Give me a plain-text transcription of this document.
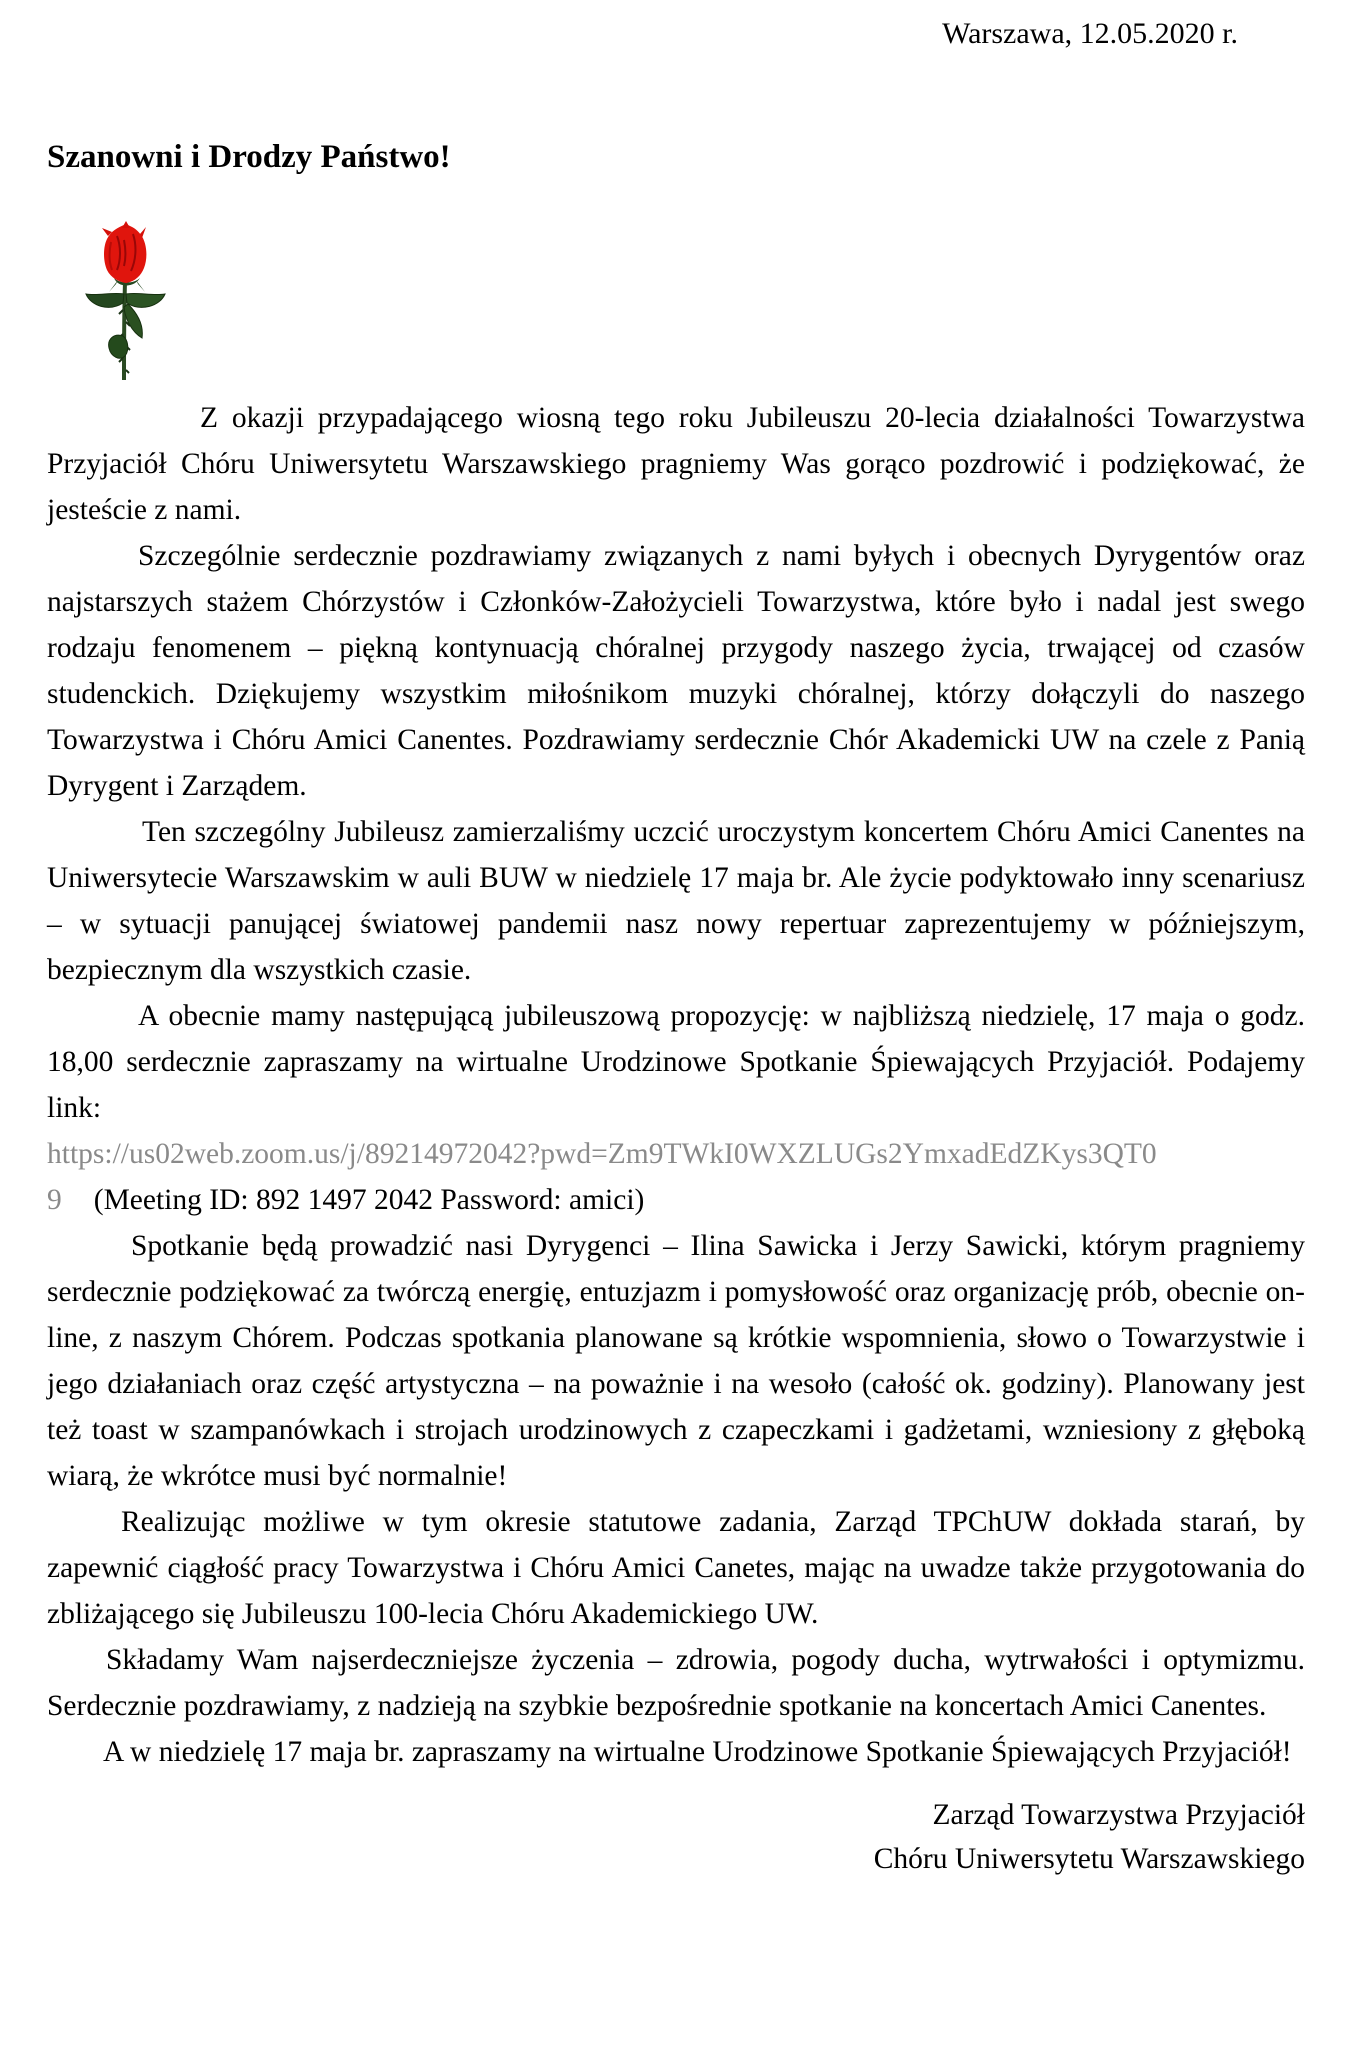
Warszawa, 12.05.2020 r.
Szanowni i Drodzy Państwo!

Z okazji przypadającego wiosną tego roku Jubileuszu 20-lecia działalności Towarzystwa Przyjaciół Chóru Uniwersytetu Warszawskiego pragniemy Was gorąco pozdrowić i podziękować, że jesteście z nami.

Szczególnie serdecznie pozdrawiamy związanych z nami byłych i obecnych Dyrygentów oraz najstarszych stażem Chórzystów i Członków-Założycieli Towarzystwa, które było i nadal jest swego rodzaju fenomenem – piękną kontynuacją chóralnej przygody naszego życia, trwającej od czasów studenckich. Dziękujemy wszystkim miłośnikom muzyki chóralnej, którzy dołączyli do naszego Towarzystwa i Chóru Amici Canentes. Pozdrawiamy serdecznie Chór Akademicki UW na czele z Panią Dyrygent i Zarządem.

Ten szczególny Jubileusz zamierzaliśmy uczcić uroczystym koncertem Chóru Amici Canentes na Uniwersytecie Warszawskim w auli BUW w niedzielę 17 maja br. Ale życie podyktowało inny scenariusz – w sytuacji panującej światowej pandemii nasz nowy repertuar zaprezentujemy w późniejszym, bezpiecznym dla wszystkich czasie.

A obecnie mamy następującą jubileuszową propozycję: w najbliższą niedzielę, 17 maja o godz. 18,00 serdecznie zapraszamy na wirtualne Urodzinowe Spotkanie Śpiewających Przyjaciół. Podajemy link:

https://us02web.zoom.us/j/89214972042?pwd=Zm9TWkI0WXZLUGs2YmxadEdZKys3QT0
9 (Meeting ID: 892 1497 2042 Password: amici)

Spotkanie będą prowadzić nasi Dyrygenci – Ilina Sawicka i Jerzy Sawicki, którym pragniemy serdecznie podziękować za twórczą energię, entuzjazm i pomysłowość oraz organizację prób, obecnie on-line, z naszym Chórem. Podczas spotkania planowane są krótkie wspomnienia, słowo o Towarzystwie i jego działaniach oraz część artystyczna – na poważnie i na wesoło (całość ok. godziny). Planowany jest też toast w szampanówkach i strojach urodzinowych z czapeczkami i gadżetami, wzniesiony z głęboką wiarą, że wkrótce musi być normalnie!

Realizując możliwe w tym okresie statutowe zadania, Zarząd TPChUW dokłada starań, by zapewnić ciągłość pracy Towarzystwa i Chóru Amici Canetes, mając na uwadze także przygotowania do zbliżającego się Jubileuszu 100-lecia Chóru Akademickiego UW.

Składamy Wam najserdeczniejsze życzenia – zdrowia, pogody ducha, wytrwałości i optymizmu. Serdecznie pozdrawiamy, z nadzieją na szybkie bezpośrednie spotkanie na koncertach Amici Canentes.

A w niedzielę 17 maja br. zapraszamy na wirtualne Urodzinowe Spotkanie Śpiewających Przyjaciół!

Zarząd Towarzystwa Przyjaciół
Chóru Uniwersytetu Warszawskiego
